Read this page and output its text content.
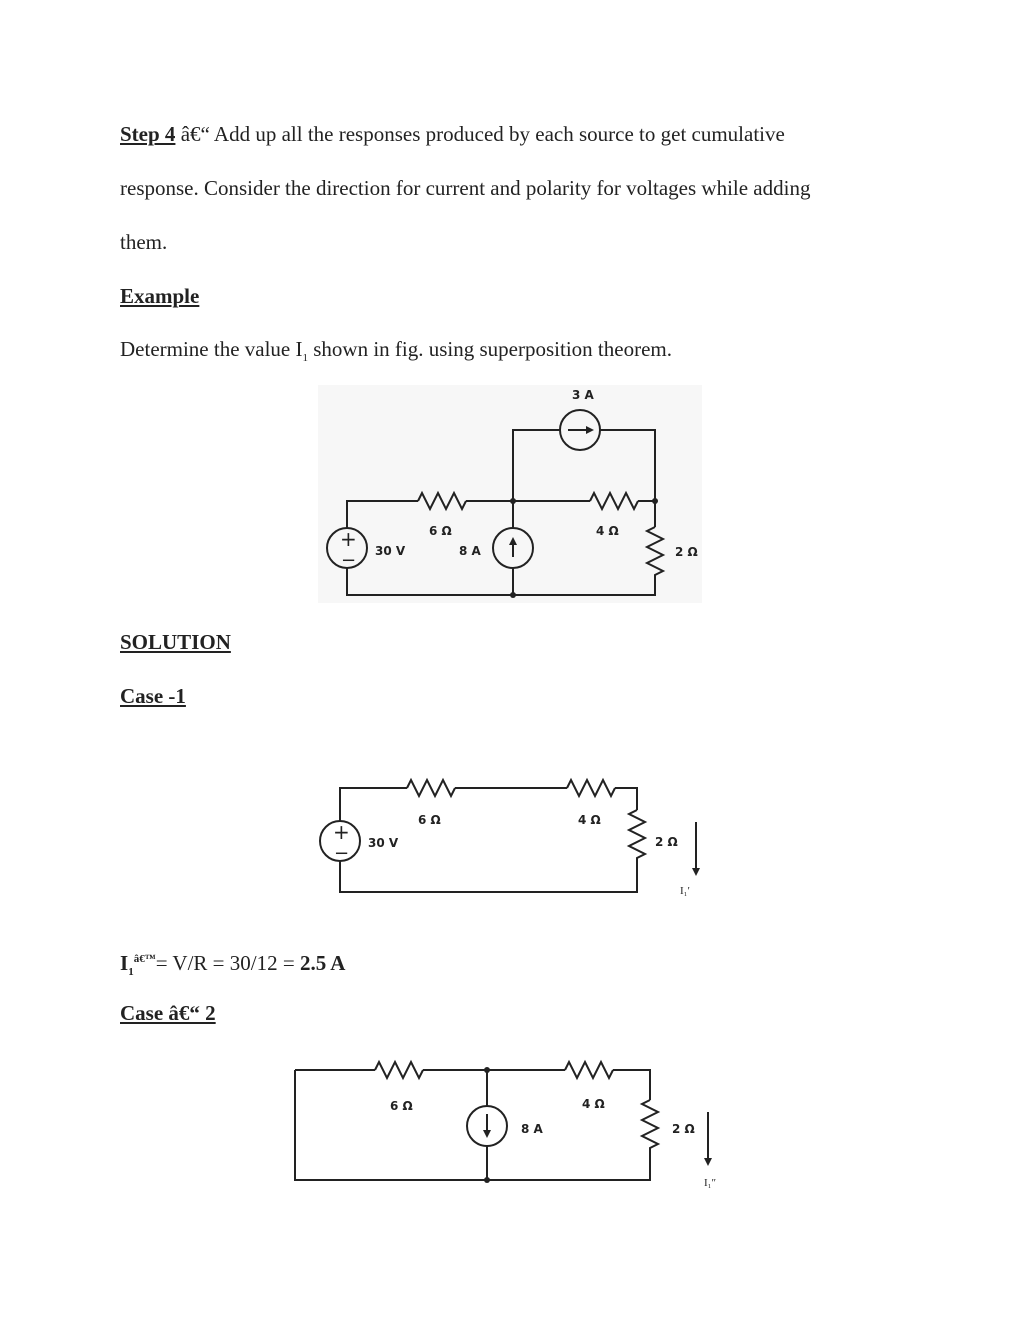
Step 4 â€“ Add up all the responses produced by each source to get cumulative
response. Consider the direction for current and polarity for voltages while adding
them.
Example
Determine the value $I_1$ shown in fig. using superposition theorem.
3 A
6 Ω	4 Ω
2 Ω
30 V	8 A
+
−
SOLUTION
Case -1
6 Ω	4 Ω
2 Ω
30 V
+
−
I₁′
$I_1^{â€™}= V/R = 30/12 = 2.5$ A
Case â€“ 2
6 Ω	4 Ω
2 Ω
8 A
I₁″
